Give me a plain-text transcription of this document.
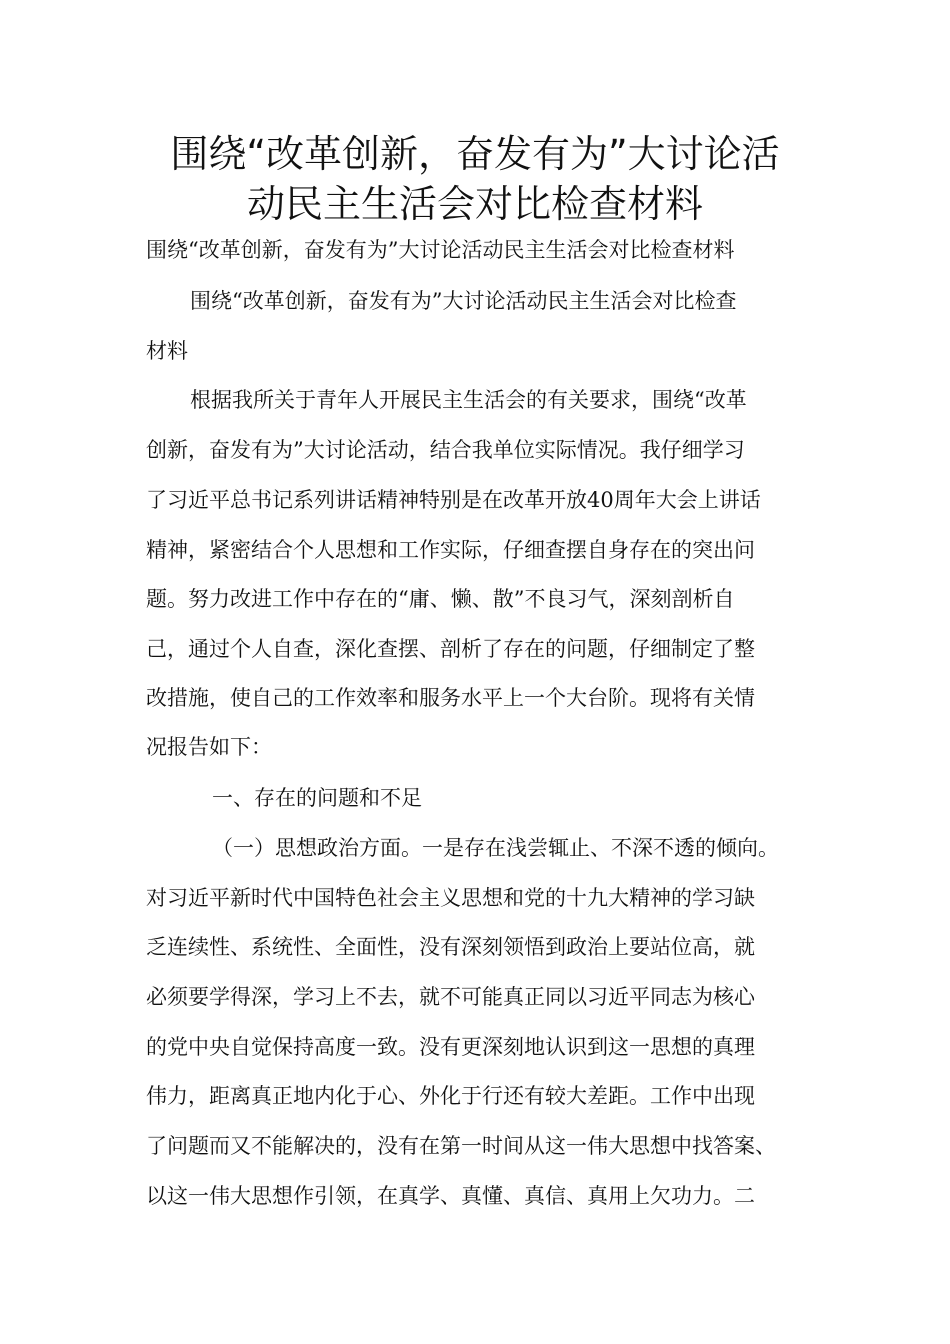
围绕“改革创新，奋发有为”大讨论活
动民主生活会对比检查材料

围绕“改革创新，奋发有为”大讨论活动民主生活会对比检查材料

围绕“改革创新，奋发有为”大讨论活动民主生活会对比检查

材料

根据我所关于青年人开展民主生活会的有关要求，围绕“改革

创新，奋发有为”大讨论活动，结合我单位实际情况。我仔细学习

了习近平总书记系列讲话精神特别是在改革开放40周年大会上讲话

精神，紧密结合个人思想和工作实际，仔细查摆自身存在的突出问

题。努力改进工作中存在的“庸、懒、散”不良习气，深刻剖析自

己，通过个人自查，深化查摆、剖析了存在的问题，仔细制定了整

改措施，使自己的工作效率和服务水平上一个大台阶。现将有关情

况报告如下：

一、存在的问题和不足

（一）思想政治方面。一是存在浅尝辄止、不深不透的倾向。

对习近平新时代中国特色社会主义思想和党的十九大精神的学习缺

乏连续性、系统性、全面性，没有深刻领悟到政治上要站位高，就

必须要学得深，学习上不去，就不可能真正同以习近平同志为核心

的党中央自觉保持高度一致。没有更深刻地认识到这一思想的真理

伟力，距离真正地内化于心、外化于行还有较大差距。工作中出现

了问题而又不能解决的，没有在第一时间从这一伟大思想中找答案、

以这一伟大思想作引领，在真学、真懂、真信、真用上欠功力。二
